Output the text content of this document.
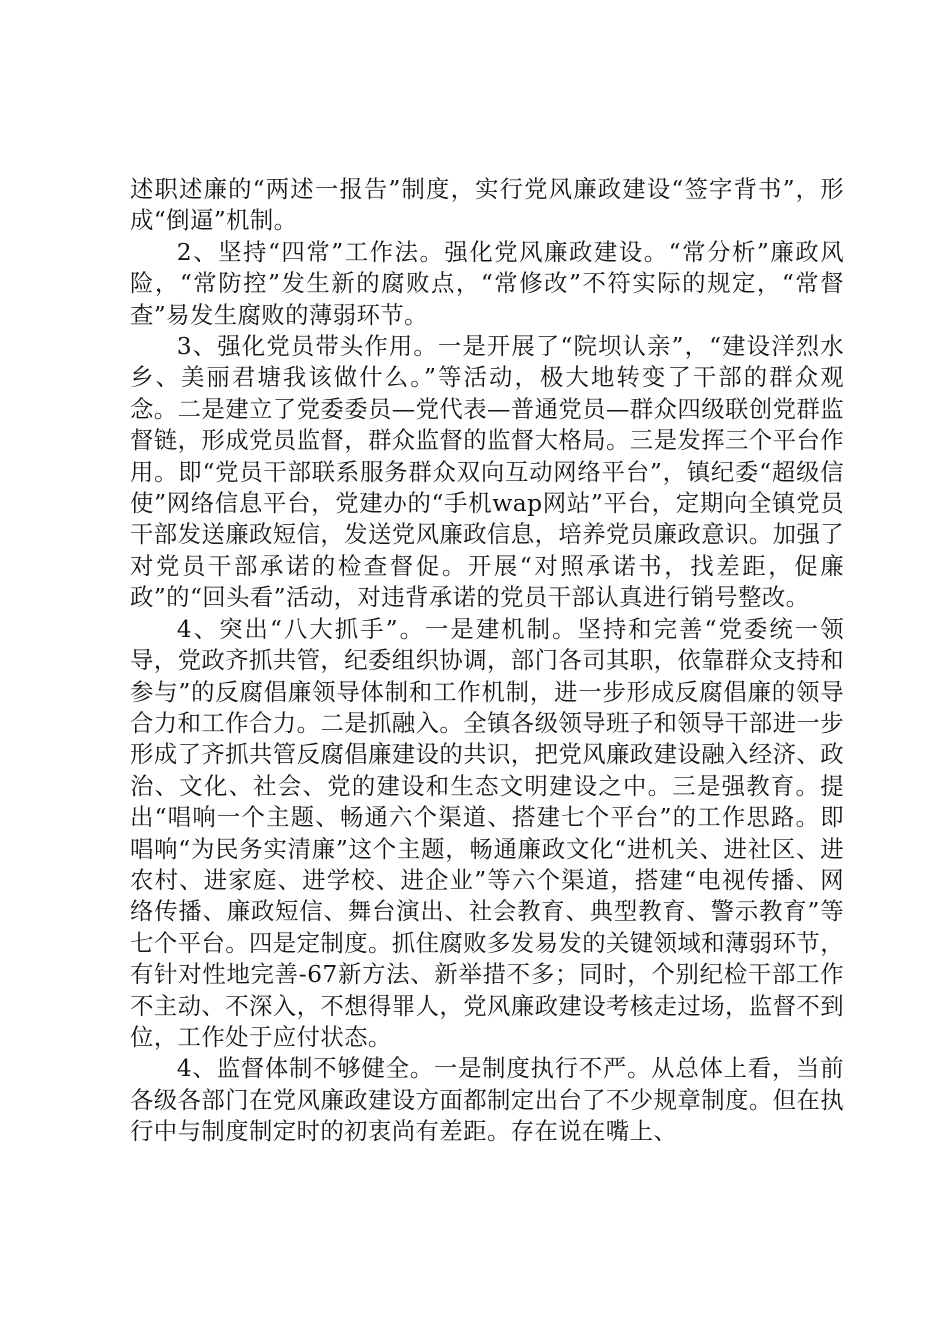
述职述廉的“两述一报告”制度，实行党风廉政建设“签字背书”，形成“倒逼”机制。

2、坚持“四常”工作法。强化党风廉政建设。“常分析”廉政风险，“常防控”发生新的腐败点，“常修改”不符实际的规定，“常督查”易发生腐败的薄弱环节。

3、强化党员带头作用。一是开展了“院坝认亲”，“建设洋烈水乡、美丽君塘我该做什么。”等活动，极大地转变了干部的群众观念。二是建立了党委委员—党代表—普通党员—群众四级联创党群监督链，形成党员监督，群众监督的监督大格局。三是发挥三个平台作用。即“党员干部联系服务群众双向互动网络平台”，镇纪委“超级信使”网络信息平台，党建办的“手机wap网站”平台，定期向全镇党员干部发送廉政短信，发送党风廉政信息，培养党员廉政意识。加强了对党员干部承诺的检查督促。开展“对照承诺书，找差距，促廉政”的“回头看”活动，对违背承诺的党员干部认真进行销号整改。

4、突出“八大抓手”。一是建机制。坚持和完善“党委统一领导，党政齐抓共管，纪委组织协调，部门各司其职，依靠群众支持和参与”的反腐倡廉领导体制和工作机制，进一步形成反腐倡廉的领导合力和工作合力。二是抓融入。全镇各级领导班子和领导干部进一步形成了齐抓共管反腐倡廉建设的共识，把党风廉政建设融入经济、政治、文化、社会、党的建设和生态文明建设之中。三是强教育。提出“唱响一个主题、畅通六个渠道、搭建七个平台”的工作思路。即唱响“为民务实清廉”这个主题，畅通廉政文化“进机关、进社区、进农村、进家庭、进学校、进企业”等六个渠道，搭建“电视传播、网络传播、廉政短信、舞台演出、社会教育、典型教育、警示教育”等七个平台。四是定制度。抓住腐败多发易发的关键领域和薄弱环节，有针对性地完善-67新方法、新举措不多；同时，个别纪检干部工作不主动、不深入，不想得罪人，党风廉政建设考核走过场，监督不到位，工作处于应付状态。

4、监督体制不够健全。一是制度执行不严。从总体上看，当前各级各部门在党风廉政建设方面都制定出台了不少规章制度。但在执行中与制度制定时的初衷尚有差距。存在说在嘴上、
